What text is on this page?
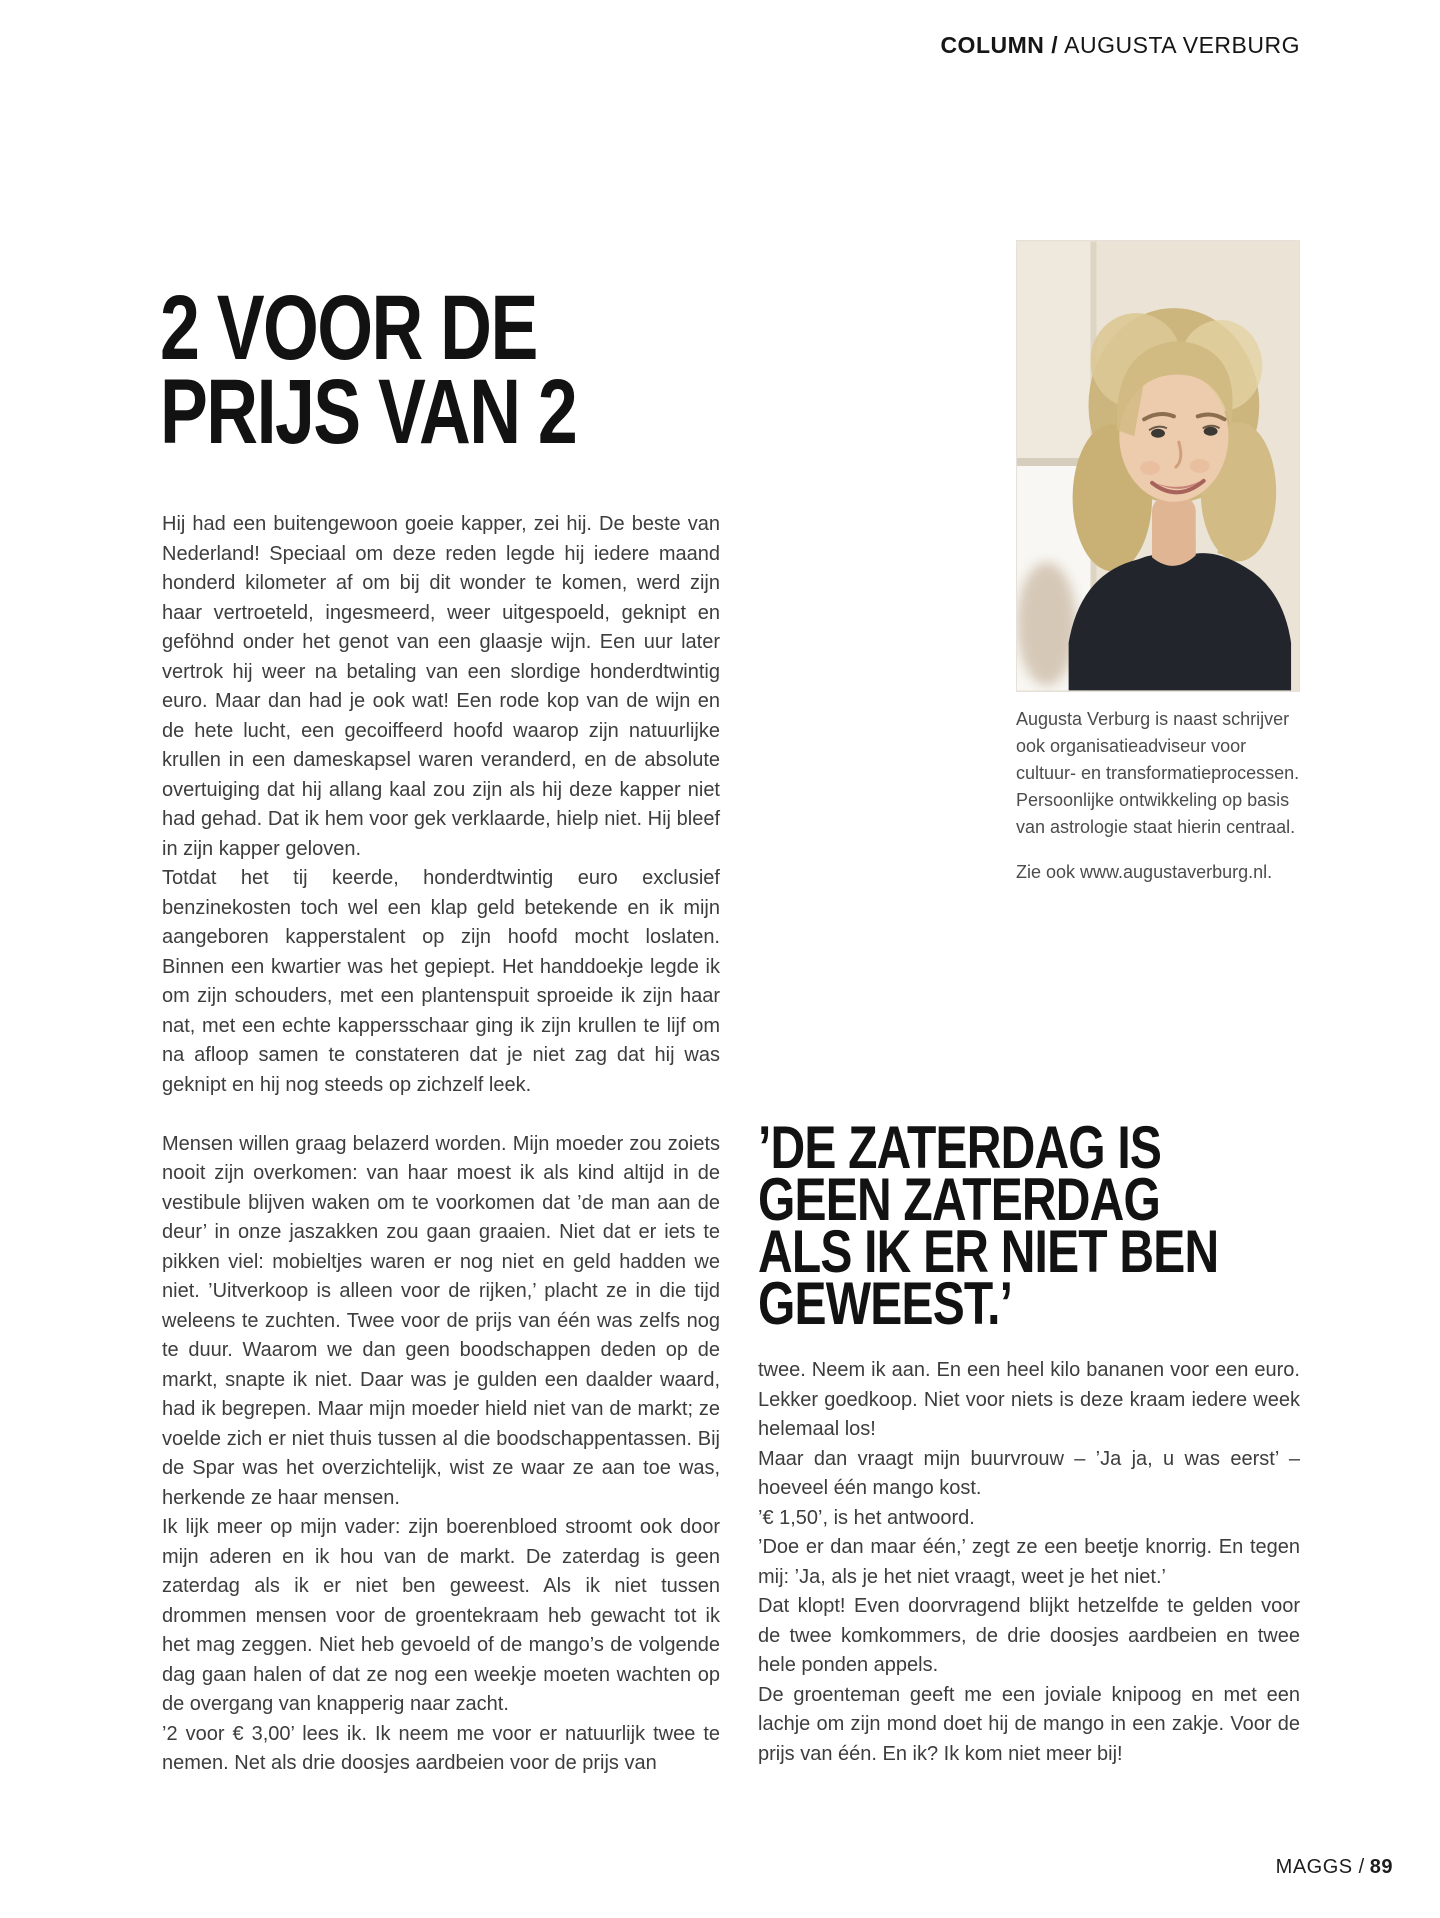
COLUMN / AUGUSTA VERBURG
2 VOOR DE
PRIJS VAN 2

Hij had een buitengewoon goeie kapper, zei hij. De beste van Nederland! Speciaal om deze reden legde hij iedere maand honderd kilometer af om bij dit wonder te komen, werd zijn haar vertroeteld, ingesmeerd, weer uitgespoeld, geknipt en geföhnd onder het genot van een glaasje wijn. Een uur later vertrok hij weer na betaling van een slordige honderdtwintig euro. Maar dan had je ook wat! Een rode kop van de wijn en de hete lucht, een gecoiffeerd hoofd waarop zijn natuurlijke krullen in een dameskapsel waren veranderd, en de absolute overtuiging dat hij allang kaal zou zijn als hij deze kapper niet had gehad. Dat ik hem voor gek verklaarde, hielp niet. Hij bleef in zijn kapper geloven.

Totdat het tij keerde, honderdtwintig euro exclusief benzinekosten toch wel een klap geld betekende en ik mijn aangeboren kapperstalent op zijn hoofd mocht loslaten. Binnen een kwartier was het gepiept. Het handdoekje legde ik om zijn schouders, met een plantenspuit sproeide ik zijn haar nat, met een echte kappersschaar ging ik zijn krullen te lijf om na afloop samen te constateren dat je niet zag dat hij was geknipt en hij nog steeds op zichzelf leek.

Mensen willen graag belazerd worden. Mijn moeder zou zoiets nooit zijn overkomen: van haar moest ik als kind altijd in de vestibule blijven waken om te voorkomen dat ’de man aan de deur’ in onze jaszakken zou gaan graaien. Niet dat er iets te pikken viel: mobieltjes waren er nog niet en geld hadden we niet. ’Uitverkoop is alleen voor de rijken,’ placht ze in die tijd weleens te zuchten. Twee voor de prijs van één was zelfs nog te duur. Waarom we dan geen boodschappen deden op de markt, snapte ik niet. Daar was je gulden een daalder waard, had ik begrepen. Maar mijn moeder hield niet van de markt; ze voelde zich er niet thuis tussen al die boodschappentassen. Bij de Spar was het overzichtelijk, wist ze waar ze aan toe was, herkende ze haar mensen.

Ik lijk meer op mijn vader: zijn boerenbloed stroomt ook door mijn aderen en ik hou van de markt. De zaterdag is geen zaterdag als ik er niet ben geweest. Als ik niet tussen drommen mensen voor de groentekraam heb gewacht tot ik het mag zeggen. Niet heb gevoeld of de mango’s de volgende dag gaan halen of dat ze nog een weekje moeten wachten op de overgang van knapperig naar zacht.

’2 voor € 3,00’ lees ik. Ik neem me voor er natuurlijk twee te nemen. Net als drie doosjes aardbeien voor de prijs van

Augusta Verburg is naast schrijver ook organisatieadviseur voor cultuur- en transformatieprocessen. Persoonlijke ontwikkeling op basis van astrologie staat hierin centraal.
Zie ook www.augustaverburg.nl.
’DE ZATERDAG IS
GEEN ZATERDAG
ALS IK ER NIET BEN
GEWEEST.’

twee. Neem ik aan. En een heel kilo bananen voor een euro. Lekker goedkoop. Niet voor niets is deze kraam iedere week helemaal los!

Maar dan vraagt mijn buurvrouw – ’Ja ja, u was eerst’ – hoeveel één mango kost.

’€ 1,50’, is het antwoord.

’Doe er dan maar één,’ zegt ze een beetje knorrig. En tegen mij: ’Ja, als je het niet vraagt, weet je het niet.’

Dat klopt! Even doorvragend blijkt hetzelfde te gelden voor de twee komkommers, de drie doosjes aardbeien en twee hele ponden appels.

De groenteman geeft me een joviale knipoog en met een lachje om zijn mond doet hij de mango in een zakje. Voor de prijs van één. En ik? Ik kom niet meer bij!

MAGGS / 89
